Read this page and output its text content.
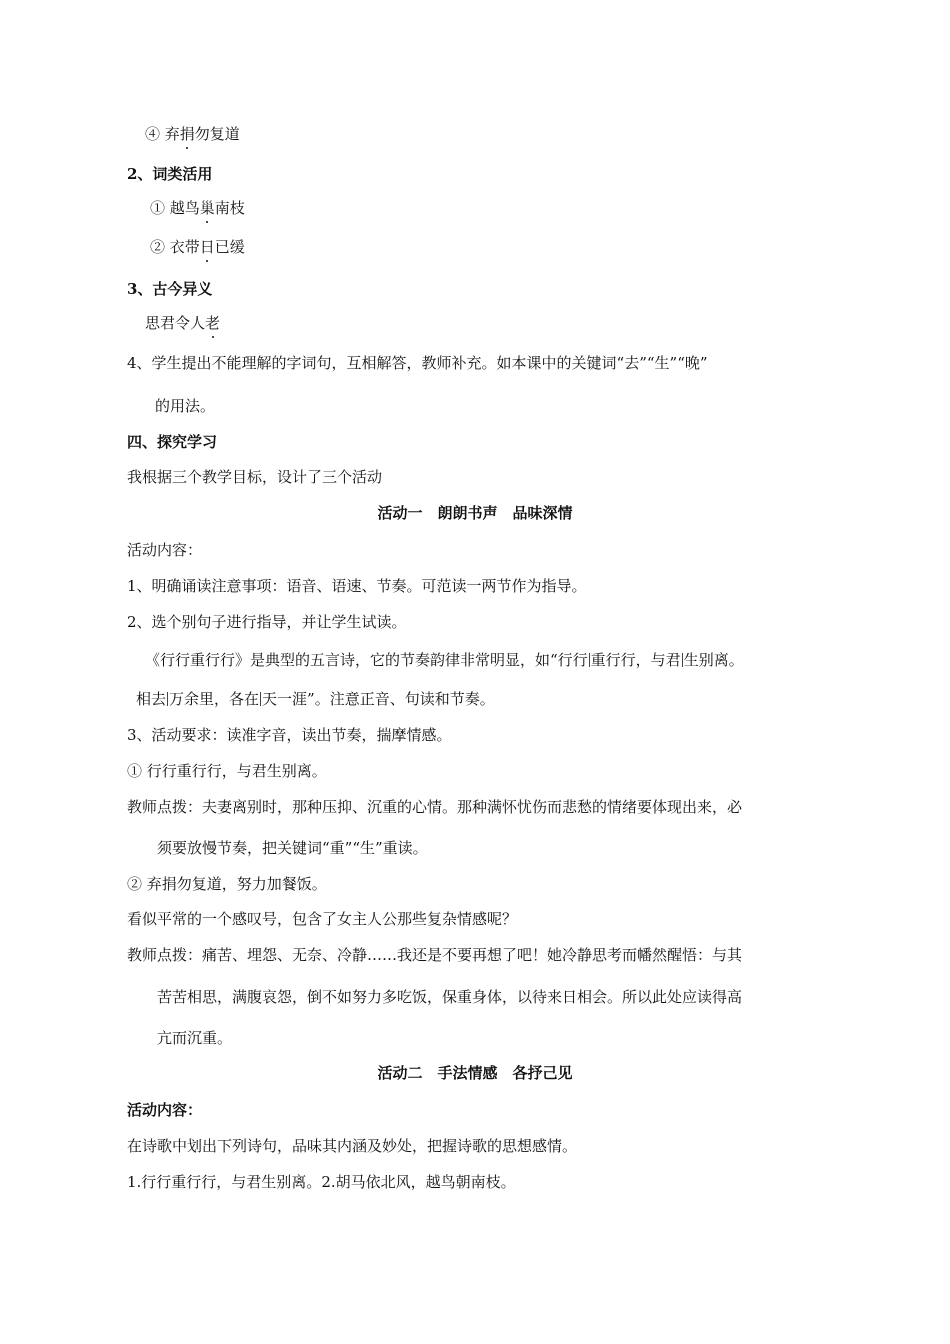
④ 弃捐勿复道
2、词类活用
① 越鸟巢南枝
② 衣带日已缓
3、古今异义
思君令人老
4、学生提出不能理解的字词句，互相解答，教师补充。如本课中的关键词“去”“生”“晚”
的用法。
四、探究学习
我根据三个教学目标，设计了三个活动
活动一　朗朗书声　品味深情
活动内容：
1、明确诵读注意事项：语音、语速、节奏。可范读一两节作为指导。
2、选个别句子进行指导，并让学生试读。
《行行重行行》是典型的五言诗，它的节奏韵律非常明显，如“行行 重行行，与君 生别离。
相去 万余里，各在 天一涯”。注意正音、句读和节奏。
3、活动要求：读准字音，读出节奏，揣摩情感。
① 行行重行行，与君生别离。
教师点拨：夫妻离别时，那种压抑、沉重的心情。那种满怀忧伤而悲愁的情绪要体现出来，必
须要放慢节奏，把关键词“重”“生”重读。
② 弃捐勿复道，努力加餐饭。
看似平常的一个感叹号，包含了女主人公那些复杂情感呢？
教师点拨：痛苦、埋怨、无奈、冷静……我还是不要再想了吧！她冷静思考而幡然醒悟：与其
苦苦相思，满腹哀怨，倒不如努力多吃饭，保重身体，以待来日相会。所以此处应读得高
亢而沉重。
活动二　手法情感　各抒己见
活动内容：
在诗歌中划出下列诗句，品味其内涵及妙处，把握诗歌的思想感情。
1.行行重行行，与君生别离。2.胡马依北风，越鸟朝南枝。
